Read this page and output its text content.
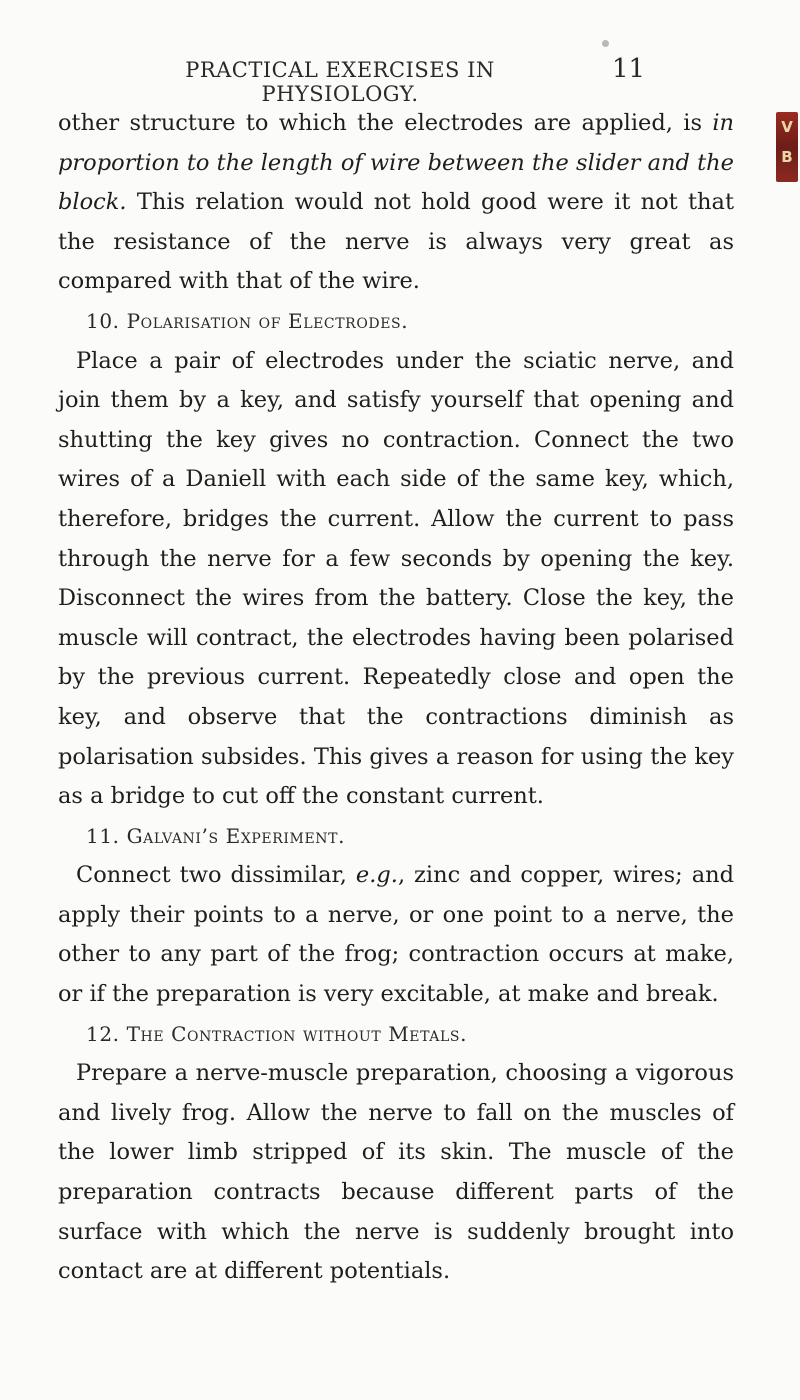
PRACTICAL EXERCISES IN PHYSIOLOGY.
11
V
B

other structure to which the electrodes are applied, is in proportion to the length of wire between the slider and the block. This relation would not hold good were it not that the resistance of the nerve is always very great as compared with that of the wire.

10. Polarisation of Electrodes.

Place a pair of electrodes under the sciatic nerve, and join them by a key, and satisfy yourself that opening and shutting the key gives no contraction. Connect the two wires of a Daniell with each side of the same key, which, therefore, bridges the current. Allow the current to pass through the nerve for a few seconds by opening the key. Disconnect the wires from the battery. Close the key, the muscle will contract, the electrodes having been polarised by the previous current. Repeatedly close and open the key, and observe that the contractions diminish as polarisation subsides. This gives a reason for using the key as a bridge to cut off the constant current.

11. Galvani’s Experiment.

Connect two dissimilar, e.g., zinc and copper, wires; and apply their points to a nerve, or one point to a nerve, the other to any part of the frog; contraction occurs at make, or if the preparation is very excitable, at make and break.

12. The Contraction without Metals.

Prepare a nerve-muscle preparation, choosing a vigorous and lively frog. Allow the nerve to fall on the muscles of the lower limb stripped of its skin. The muscle of the preparation contracts because different parts of the surface with which the nerve is suddenly brought into contact are at different potentials.
